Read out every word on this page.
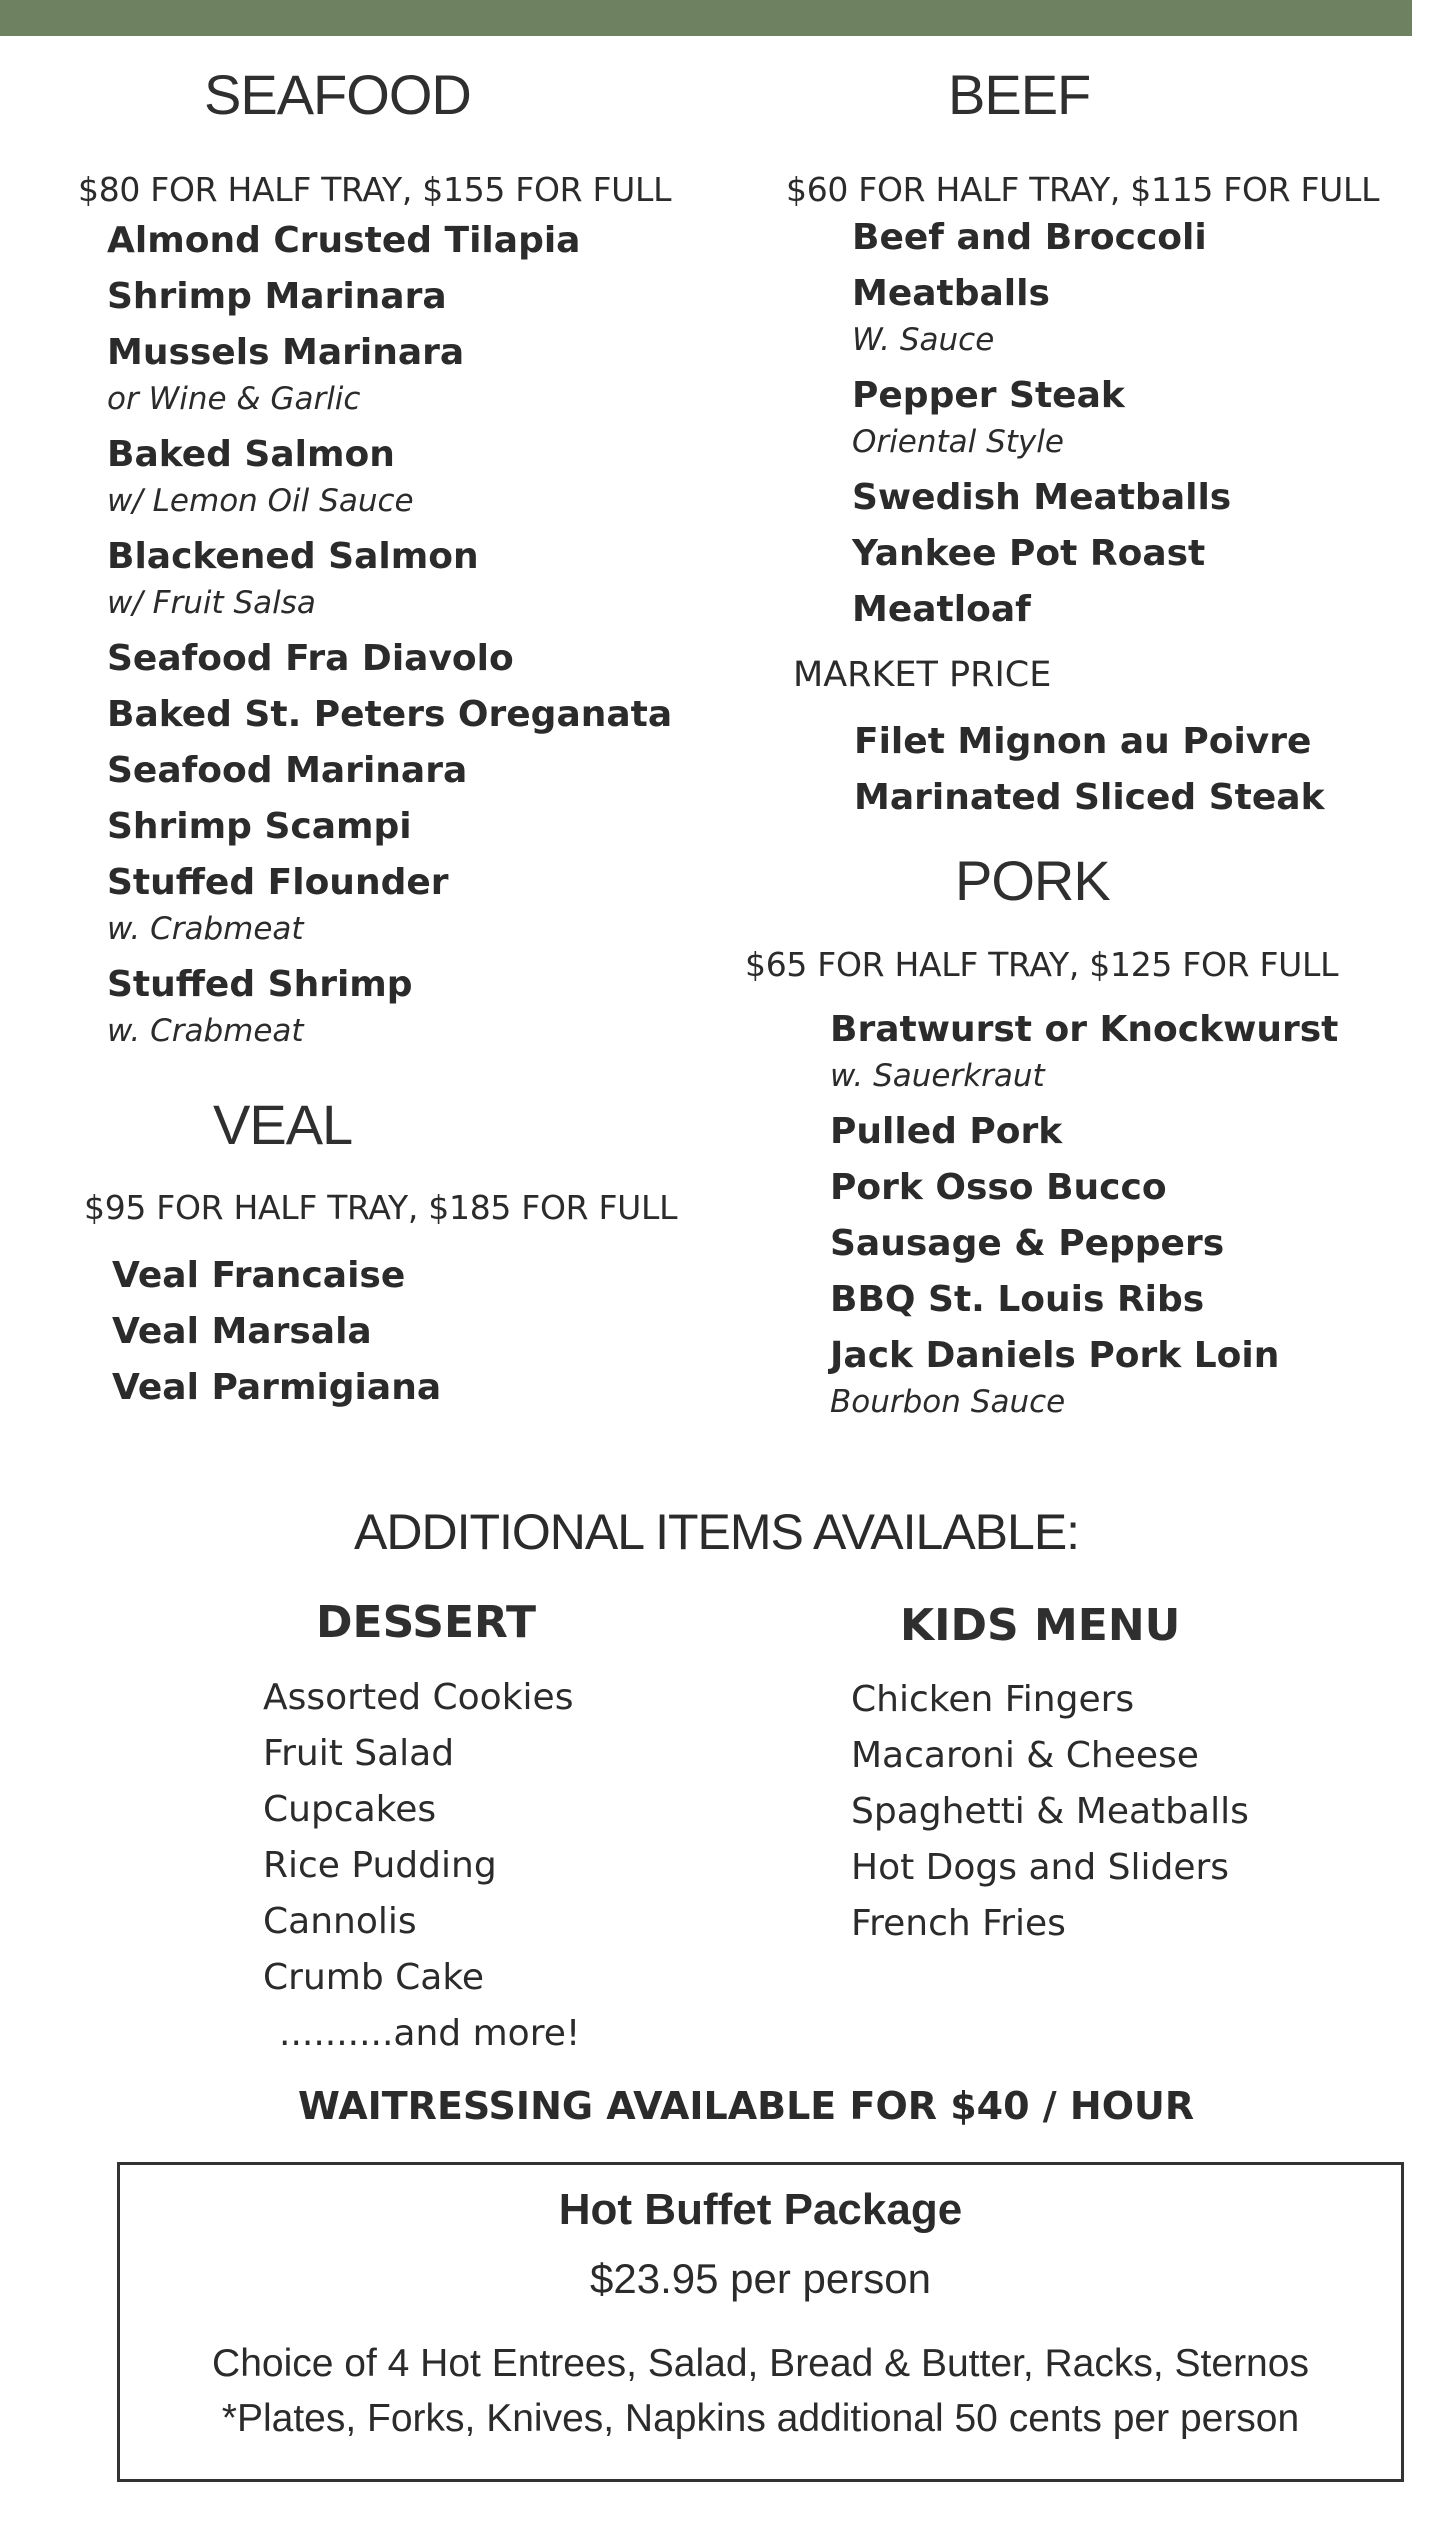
SEAFOOD
$80 FOR HALF TRAY, $155 FOR FULL
Almond Crusted Tilapia
Shrimp Marinara
Mussels Marinara
or Wine & Garlic
Baked Salmon
w/ Lemon Oil Sauce
Blackened Salmon
w/ Fruit Salsa
Seafood Fra Diavolo
Baked St. Peters Oreganata
Seafood Marinara
Shrimp Scampi
Stuffed Flounder
w. Crabmeat
Stuffed Shrimp
w. Crabmeat
VEAL
$95 FOR HALF TRAY, $185 FOR FULL
Veal Francaise
Veal Marsala
Veal Parmigiana
BEEF
$60 FOR HALF TRAY, $115 FOR FULL
Beef and Broccoli
Meatballs
W. Sauce
Pepper Steak
Oriental Style
Swedish Meatballs
Yankee Pot Roast
Meatloaf
MARKET PRICE
Filet Mignon au Poivre
Marinated Sliced Steak
PORK
$65 FOR HALF TRAY, $125 FOR FULL
Bratwurst or Knockwurst
w. Sauerkraut
Pulled Pork
Pork Osso Bucco
Sausage & Peppers
BBQ St. Louis Ribs
Jack Daniels Pork Loin
Bourbon Sauce
ADDITIONAL ITEMS AVAILABLE:
DESSERT
Assorted Cookies
Fruit Salad
Cupcakes
Rice Pudding
Cannolis
Crumb Cake
..........and more!
KIDS MENU
Chicken Fingers
Macaroni & Cheese
Spaghetti & Meatballs
Hot Dogs and Sliders
French Fries
WAITRESSING AVAILABLE FOR $40 / HOUR
Hot Buffet Package
$23.95 per person
Choice of 4 Hot Entrees, Salad, Bread & Butter, Racks, Sternos
*Plates, Forks, Knives, Napkins additional 50 cents per person
